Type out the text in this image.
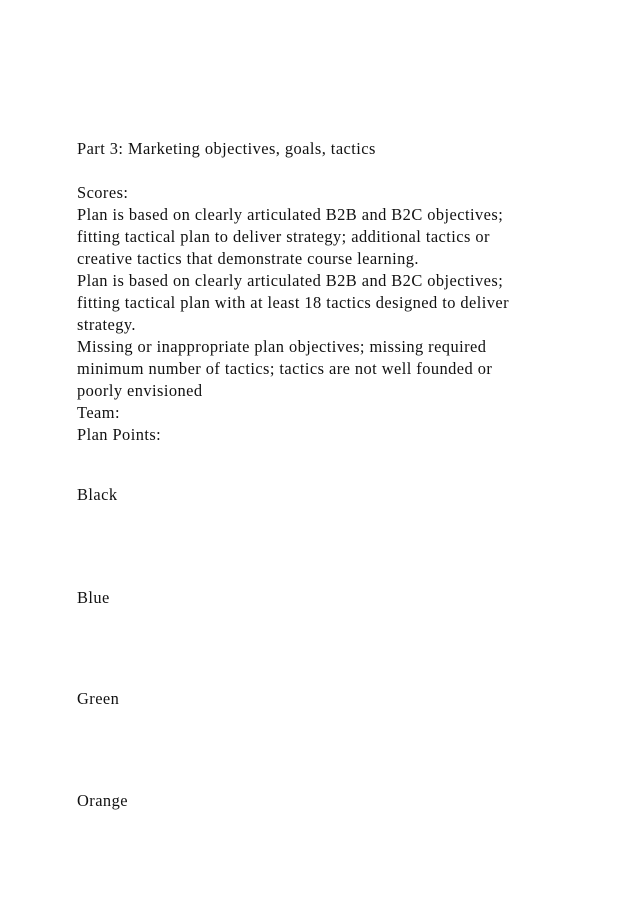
Part 3: Marketing objectives, goals, tactics
Scores:
Plan is based on clearly articulated B2B and B2C objectives;
fitting tactical plan to deliver strategy; additional tactics or
creative tactics that demonstrate course learning.
Plan is based on clearly articulated B2B and B2C objectives;
fitting tactical plan with at least 18 tactics designed to deliver
strategy.
Missing or inappropriate plan objectives; missing required
minimum number of tactics; tactics are not well founded or
poorly envisioned
Team:
Plan Points:
Black
Blue
Green
Orange
